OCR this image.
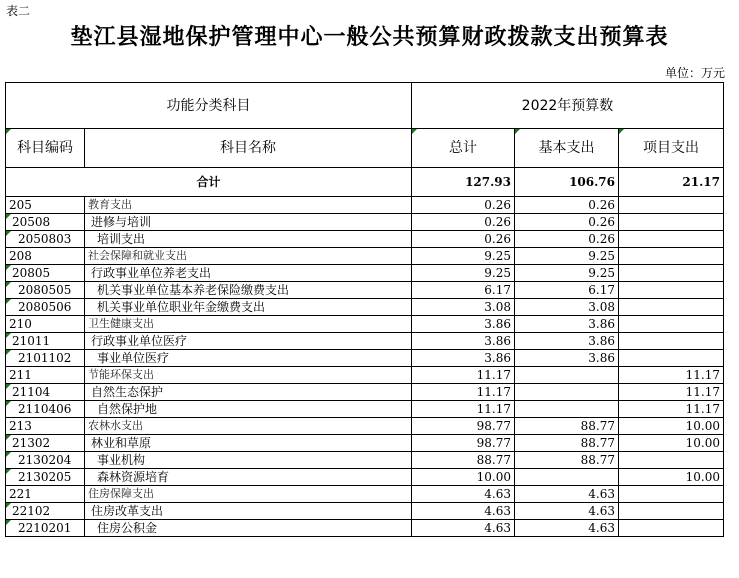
表二
垫江县湿地保护管理中心一般公共预算财政拨款支出预算表
单位：万元
功能分类科目		2022年预算数		
科目编码	科目名称	总计	基本支出	项目支出
合计		127.93	106.76	21.17
205	教育支出	0.26	0.26	
20508	进修与培训	0.26	0.26	
2050803	培训支出	0.26	0.26	
208	社会保障和就业支出	9.25	9.25	
20805	行政事业单位养老支出	9.25	9.25	
2080505	机关事业单位基本养老保险缴费支出	6.17	6.17	
2080506	机关事业单位职业年金缴费支出	3.08	3.08	
210	卫生健康支出	3.86	3.86	
21011	行政事业单位医疗	3.86	3.86	
2101102	事业单位医疗	3.86	3.86	
211	节能环保支出	11.17		11.17
21104	自然生态保护	11.17		11.17
2110406	自然保护地	11.17		11.17
213	农林水支出	98.77	88.77	10.00
21302	林业和草原	98.77	88.77	10.00
2130204	事业机构	88.77	88.77	
2130205	森林资源培育	10.00		10.00
221	住房保障支出	4.63	4.63	
22102	住房改革支出	4.63	4.63	
2210201	住房公积金	4.63	4.63	
